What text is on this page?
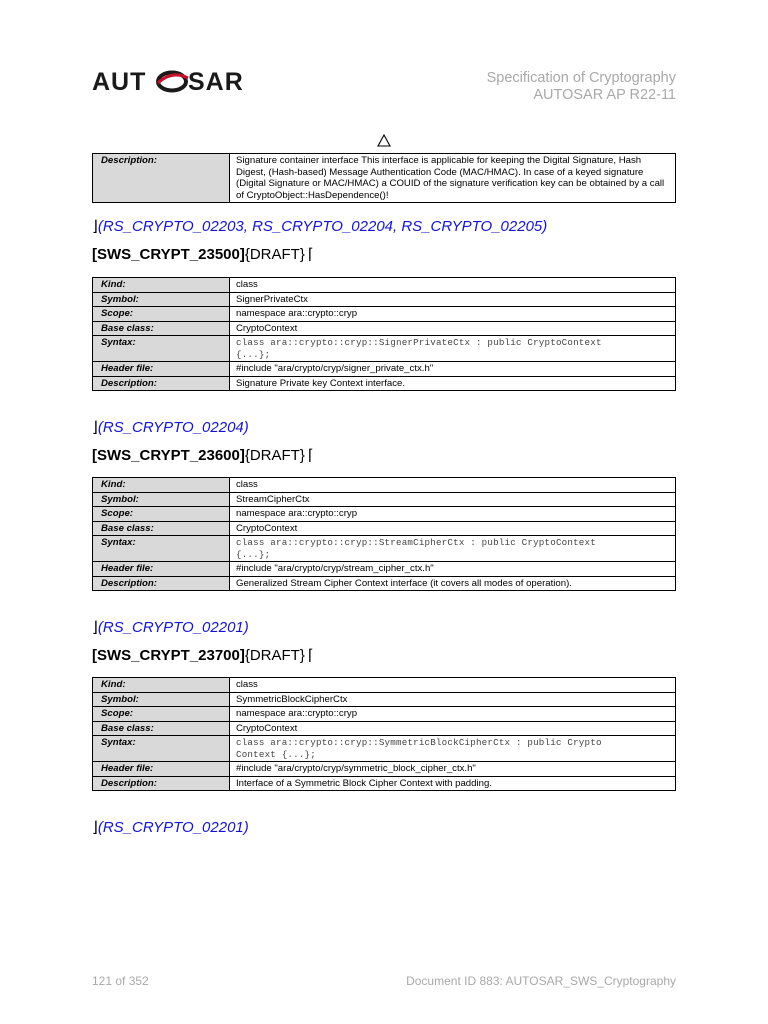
AUT SAR	Specification of Cryptography
AUTOSAR AP R22-11
Description:	Signature container interface This interface is applicable for keeping the Digital Signature, Hash Digest, (Hash-based) Message Authentication Code (MAC/HMAC). In case of a keyed signature (Digital Signature or MAC/HMAC) a COUID of the signature verification key can be obtained by a call of CryptoObject::HasDependence()!
⌋(RS_CRYPTO_02203, RS_CRYPTO_02204, RS_CRYPTO_02205)
[SWS_CRYPT_23500]{DRAFT} ⌈
Kind:	class
Symbol:	SignerPrivateCtx
Scope:	namespace ara::crypto::cryp
Base class:	CryptoContext
Syntax:	class ara::crypto::cryp::SignerPrivateCtx : public CryptoContext
{...};

Header file:	#include "ara/crypto/cryp/signer_private_ctx.h"
Description:	Signature Private key Context interface.
⌋(RS_CRYPTO_02204)
[SWS_CRYPT_23600]{DRAFT} ⌈
Kind:	class
Symbol:	StreamCipherCtx
Scope:	namespace ara::crypto::cryp
Base class:	CryptoContext
Syntax:	class ara::crypto::cryp::StreamCipherCtx : public CryptoContext
{...};

Header file:	#include "ara/crypto/cryp/stream_cipher_ctx.h"
Description:	Generalized Stream Cipher Context interface (it covers all modes of operation).
⌋(RS_CRYPTO_02201)
[SWS_CRYPT_23700]{DRAFT} ⌈
Kind:	class
Symbol:	SymmetricBlockCipherCtx
Scope:	namespace ara::crypto::cryp
Base class:	CryptoContext
Syntax:	class ara::crypto::cryp::SymmetricBlockCipherCtx : public Crypto
Context {...};

Header file:	#include "ara/crypto/cryp/symmetric_block_cipher_ctx.h"
Description:	Interface of a Symmetric Block Cipher Context with padding.
⌋(RS_CRYPTO_02201)
121 of 352	Document ID 883: AUTOSAR_SWS_Cryptography
